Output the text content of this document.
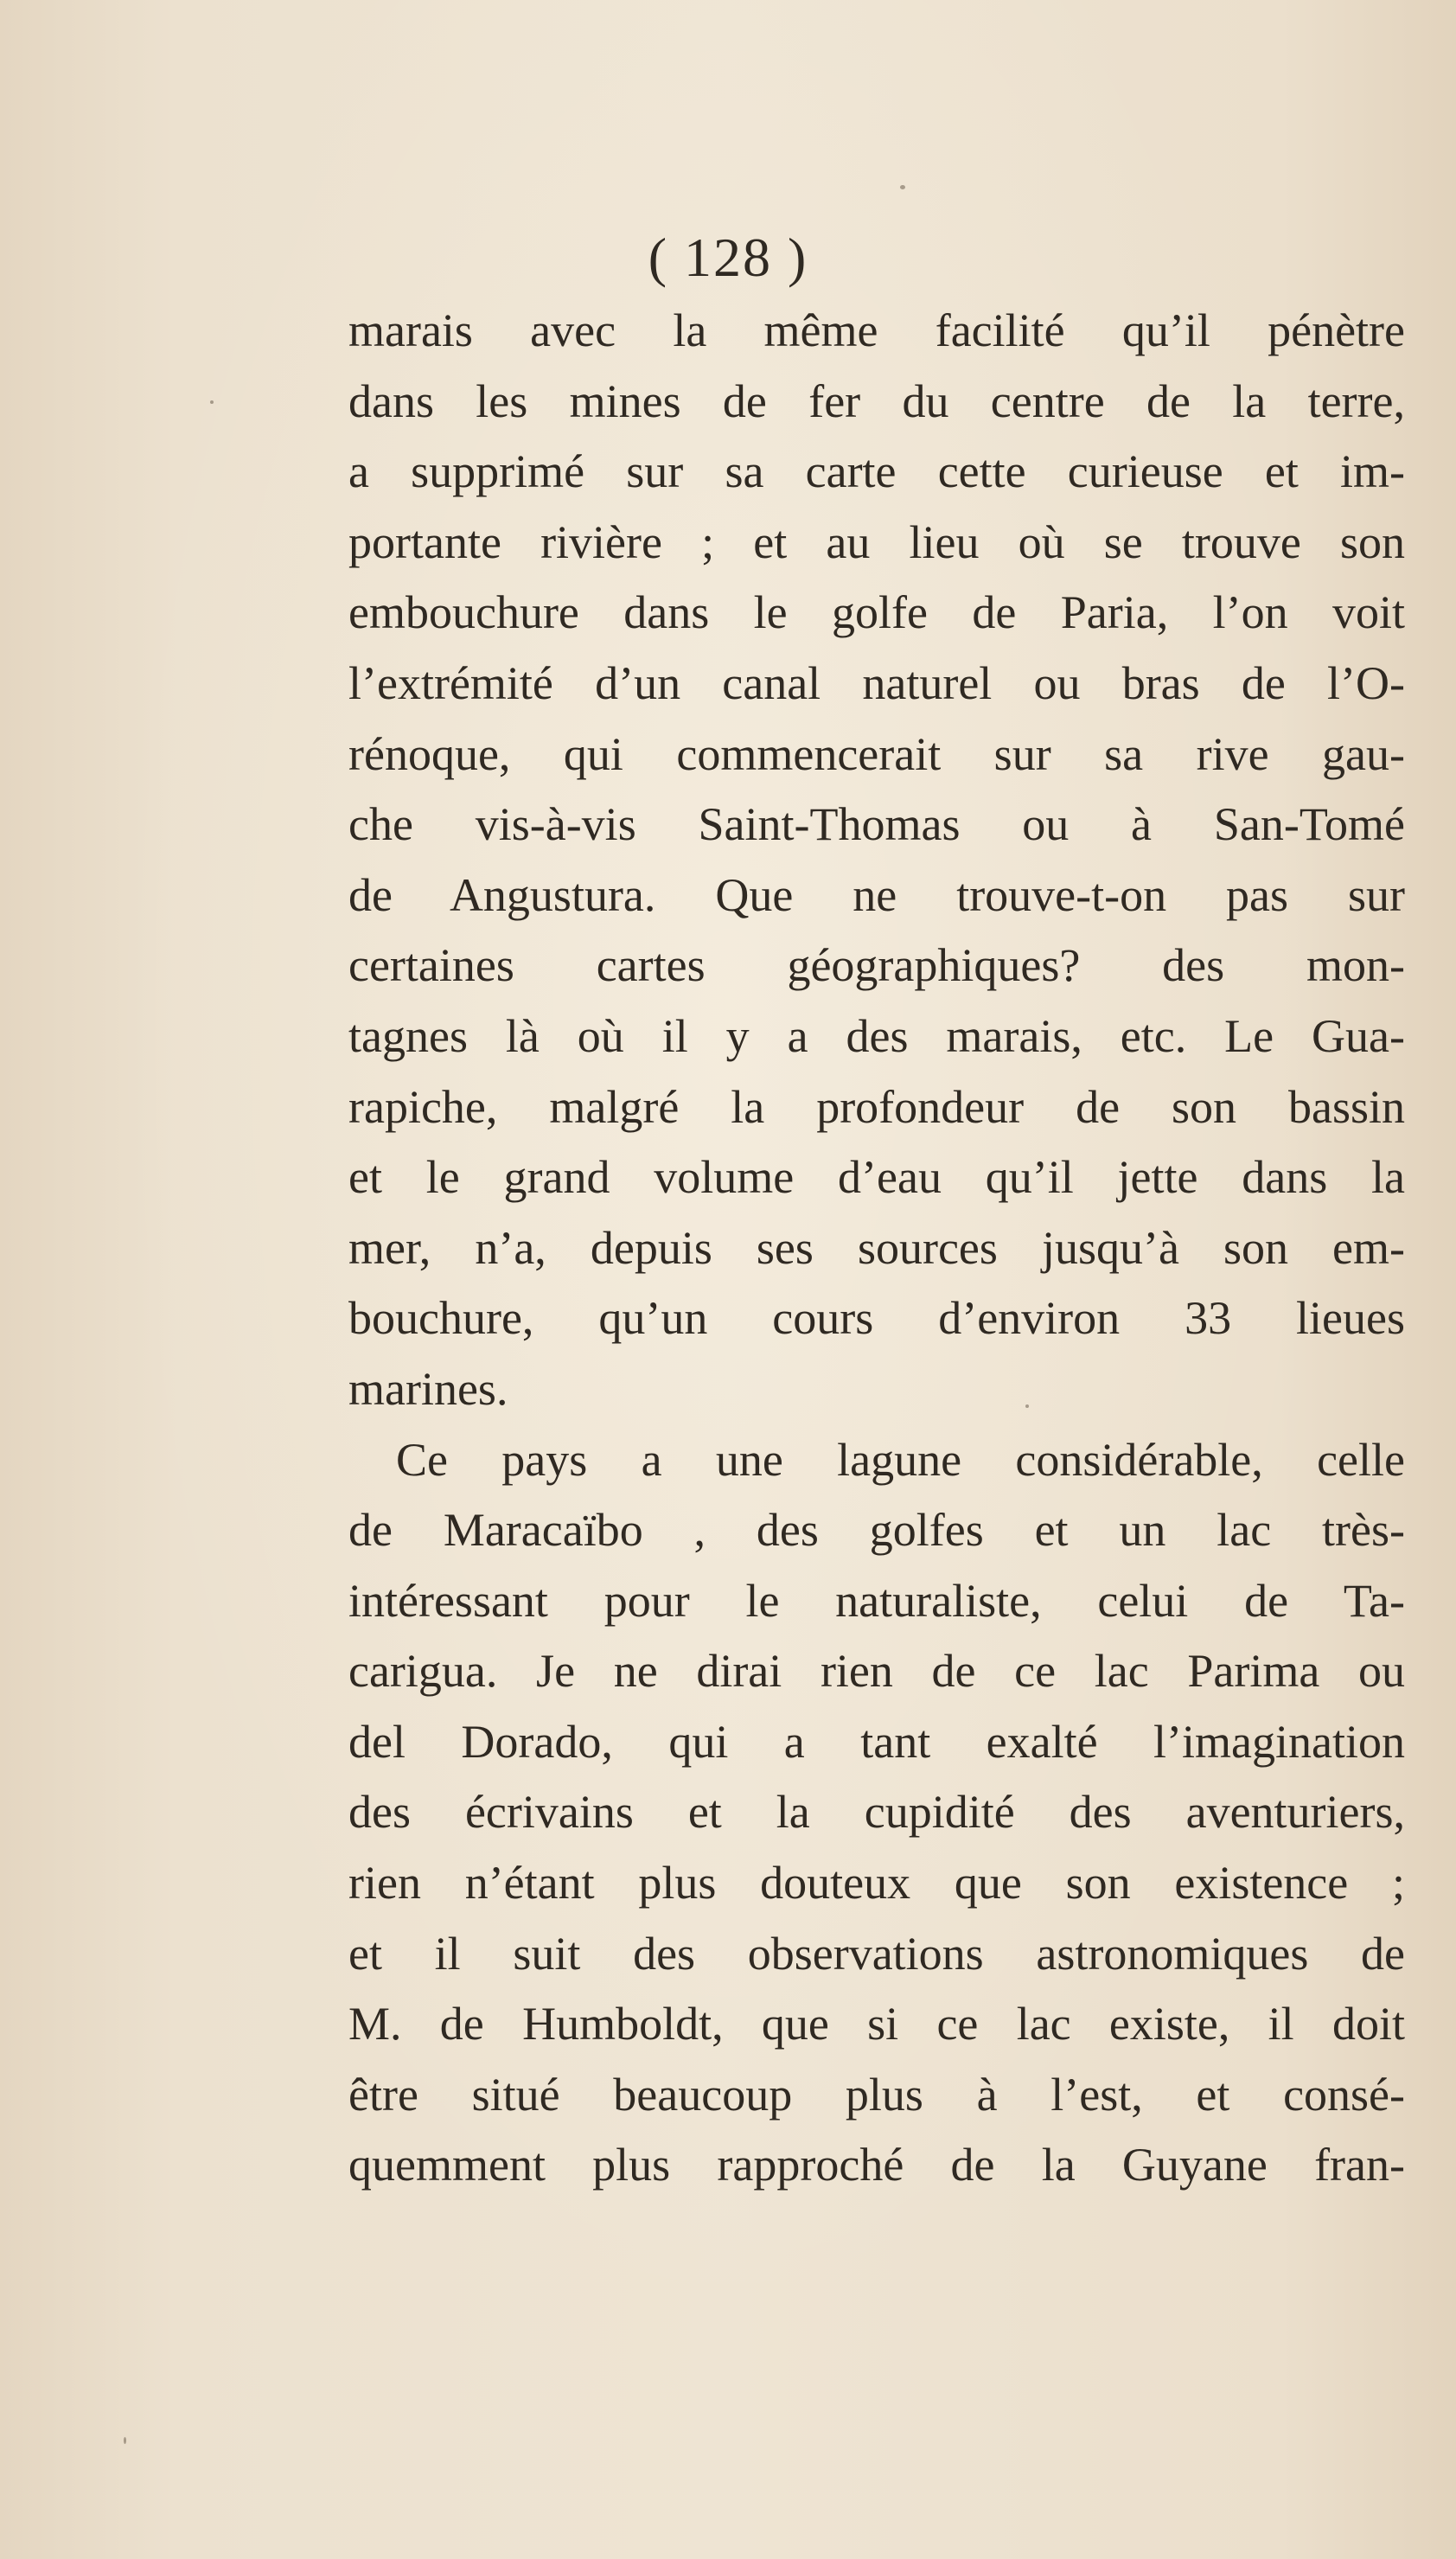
( 128 )
marais avec la même facilité qu’il pénètre
dans les mines de fer du centre de la terre,
a supprimé sur sa carte cette curieuse et im-
portante rivière ; et au lieu où se trouve son
embouchure dans le golfe de Paria, l’on voit
l’extrémité d’un canal naturel ou bras de l’O-
rénoque, qui commencerait sur sa rive gau-
che vis-à-vis Saint-Thomas ou à San-Tomé
de Angustura. Que ne trouve-t-on pas sur
certaines cartes géographiques? des mon-
tagnes là où il y a des marais, etc. Le Gua-
rapiche, malgré la profondeur de son bassin
et le grand volume d’eau qu’il jette dans la
mer, n’a, depuis ses sources jusqu’à son em-
bouchure, qu’un cours d’environ 33 lieues
marines.
Ce pays a une lagune considérable, celle
de Maracaïbo , des golfes et un lac très-
intéressant pour le naturaliste, celui de Ta-
carigua. Je ne dirai rien de ce lac Parima ou
del Dorado, qui a tant exalté l’imagination
des écrivains et la cupidité des aventuriers,
rien n’étant plus douteux que son existence ;
et il suit des observations astronomiques de
M. de Humboldt, que si ce lac existe, il doit
être situé beaucoup plus à l’est, et consé-
quemment plus rapproché de la Guyane fran-
